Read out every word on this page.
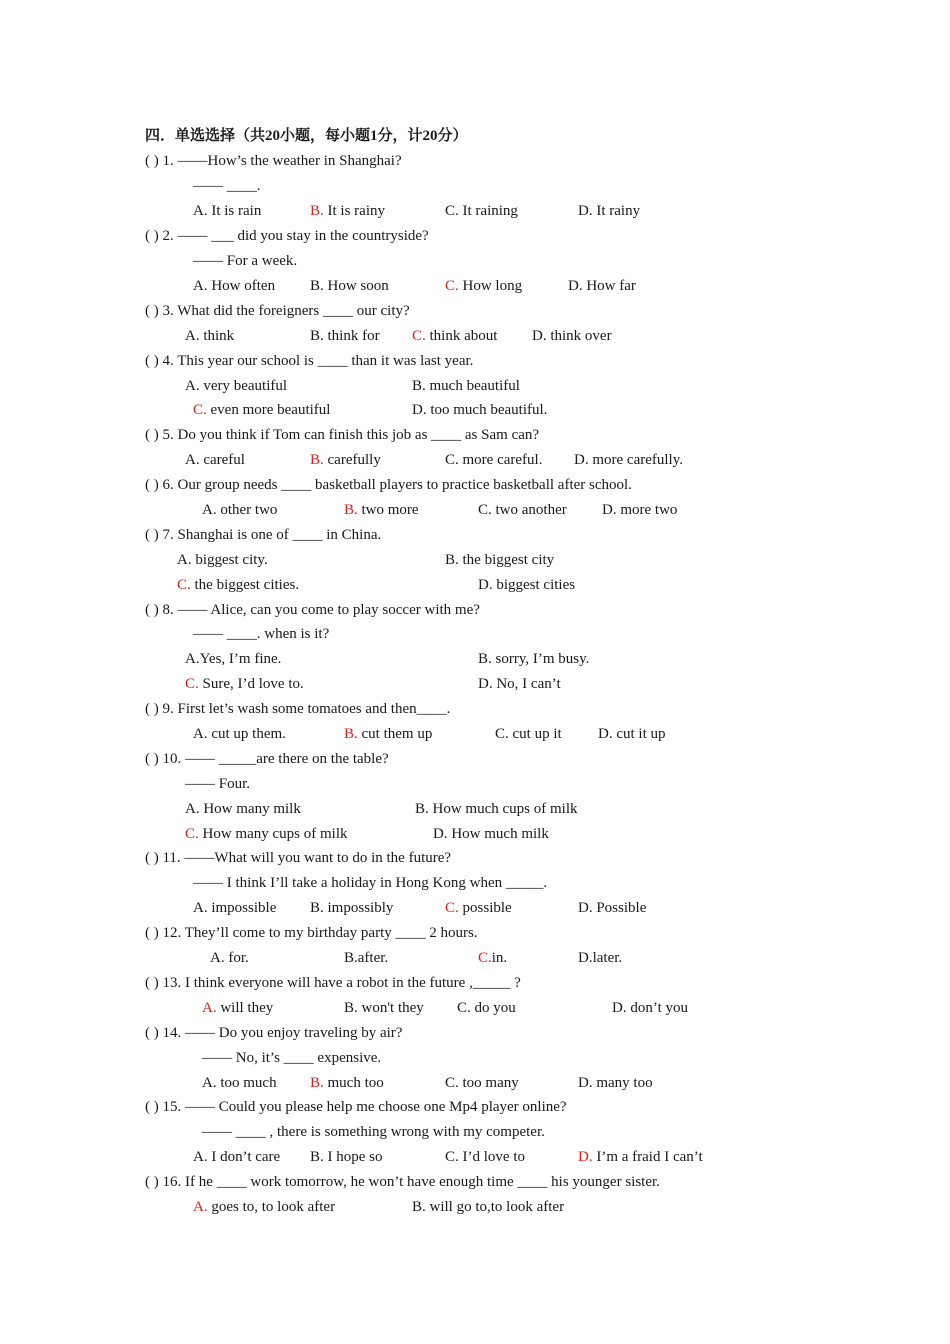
四．单选选择（共20小题，每小题1分，计20分）
( ) 1. ——How’s the weather in Shanghai?
—— ____.
A. It is rain	B. It is rainy	C. It raining	D. It rainy
( ) 2. —— ___ did you stay in the countryside?
—— For a week.
A. How often B. How soon	C. How long	D. How far
( ) 3. What did the foreigners ____ our city?
A. think	B. think for C. think about D. think over
( ) 4. This year our school is ____ than it was last year.
A. very beautiful	B. much beautiful
C. even more beautiful	D. too much beautiful.
( ) 5. Do you think if Tom can finish this job as ____ as Sam can?
A. careful	B. carefully	C. more careful. D. more carefully.
( ) 6. Our group needs ____ basketball players to practice basketball after school.
A. other two	B. two more	C. two another D. more two
( ) 7. Shanghai is one of ____ in China.
A. biggest city.	B. the biggest city
C. the biggest cities.	D. biggest cities
( ) 8. —— Alice, can you come to play soccer with me?
—— ____. when is it?
A.Yes, I’m fine.	B. sorry, I’m busy.
C. Sure, I’d love to.	D. No, I can’t
( ) 9. First let’s wash some tomatoes and then____.
A. cut up them.	B. cut them up	C. cut up it D. cut it up
( ) 10. —— _____are there on the table?
—— Four.
A. How many milk	B. How much cups of milk
C. How many cups of milk	D. How much milk
( ) 11. ——What will you want to do in the future?
—— I think I’ll take a holiday in Hong Kong when _____.
A. impossible B. impossibly	C. possible	D. Possible
( ) 12. They’ll come to my birthday party ____ 2 hours.
A. for.	B.after.	C.in.	D.later.
( ) 13. I think everyone will have a robot in the future ,_____ ?
A. will they	B. won't they C. do you	D. don’t you
( ) 14. —— Do you enjoy traveling by air?
—— No, it’s ____ expensive.
A. too much B. much too	C. too many	D. many too
( ) 15. —— Could you please help me choose one Mp4 player online?
—— ____ , there is something wrong with my competer.
A. I don’t care B. I hope so	C. I’d love to	D. I’m a fraid I can’t
( ) 16. If he ____ work tomorrow, he won’t have enough time ____ his younger sister.
A. goes to, to look after	B. will go to,to look after
